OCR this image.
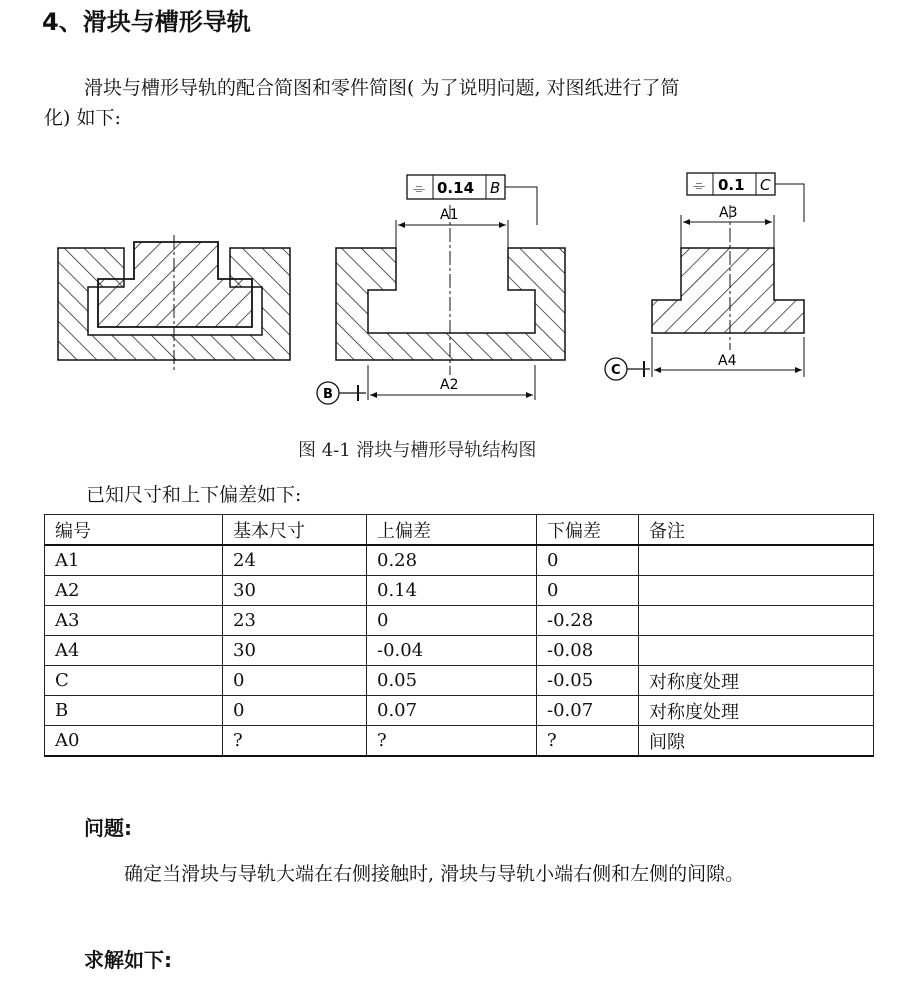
4、滑块与槽形导轨
滑块与槽形导轨的配合简图和零件简图( 为了说明问题, 对图纸进行了简
化) 如下:
A1
⌯ 0.14 B
A2
B
A3
⌯ 0.1 C
A4
C
图 4-1 滑块与槽形导轨结构图
已知尺寸和上下偏差如下:
编号	基本尺寸	上偏差	下偏差	备注
A1	24	0.28	0	
A2	30	0.14	0	
A3	23	0	-0.28	
A4	30	-0.04	-0.08	
C	0	0.05	-0.05	对称度处理
B	0	0.07	-0.07	对称度处理
A0	?	?	?	间隙
问题:
确定当滑块与导轨大端在右侧接触时, 滑块与导轨小端右侧和左侧的间隙。
求解如下:
